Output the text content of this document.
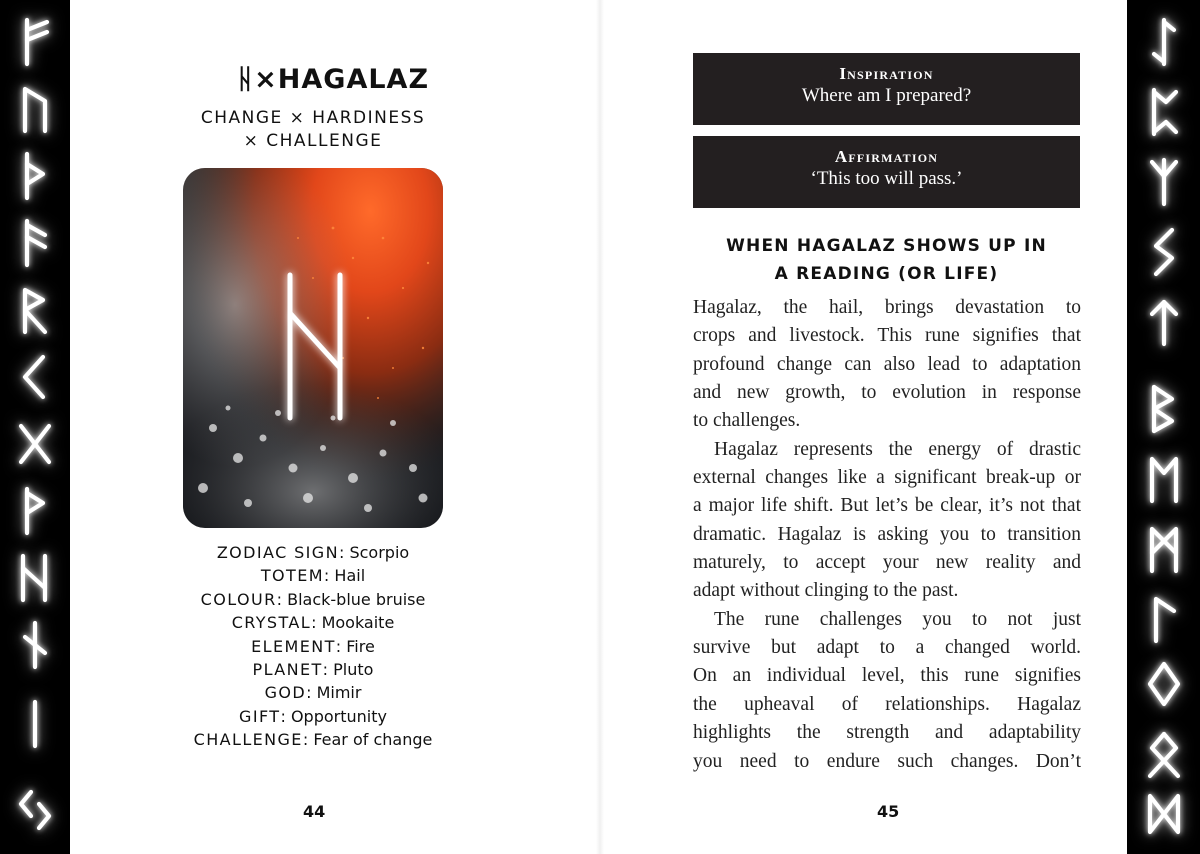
ᚺ×HAGALAZ
CHANGE × HARDINESS
× CHALLENGE
ZODIAC SIGN: Scorpio
TOTEM: Hail
COLOUR: Black-blue bruise
CRYSTAL: Mookaite
ELEMENT: Fire
PLANET: Pluto
GOD: Mimir
GIFT: Opportunity
CHALLENGE: Fear of change
44
Inspiration
Where am I prepared?
Affirmation
‘This too will pass.’
WHEN HAGALAZ SHOWS UP IN
A READING (OR LIFE)
Hagalaz, the hail, brings devastation to
crops and livestock. This rune signifies that
profound change can also lead to adaptation
and new growth, to evolution in response
to challenges.
Hagalaz represents the energy of drastic
external changes like a significant break-up or
a major life shift. But let’s be clear, it’s not that
dramatic. Hagalaz is asking you to transition
maturely, to accept your new reality and
adapt without clinging to the past.
The rune challenges you to not just
survive but adapt to a changed world.
On an individual level, this rune signifies
the upheaval of relationships. Hagalaz
highlights the strength and adaptability
you need to endure such changes. Don’t
45
